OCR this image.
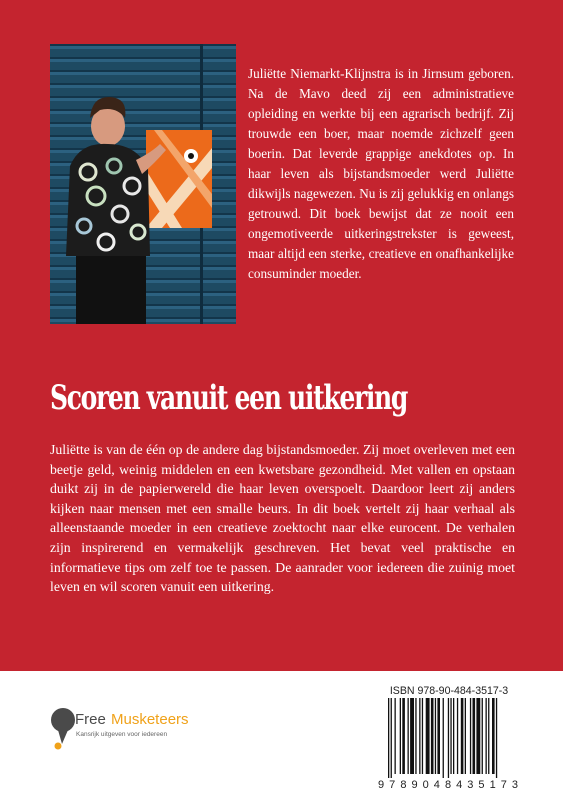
Juliëtte Niemarkt-Klijnstra is in Jirnsum geboren. Na de Mavo deed zij een administratieve opleiding en werkte bij een agrarisch bedrijf. Zij trouwde een boer, maar noemde zichzelf geen boerin. Dat leverde grappige anekdotes op. In haar leven als bijstandsmoeder werd Juliëtte dikwijls nagewezen. Nu is zij gelukkig en onlangs getrouwd. Dit boek bewijst dat ze nooit een ongemotiveerde uitkeringstrekster is geweest, maar altijd een sterke, creatieve en onafhankelijke consuminder moeder.

Scoren vanuit een uitkering

Juliëtte is van de één op de andere dag bijstandsmoeder. Zij moet overleven met een beetje geld, weinig middelen en een kwetsbare gezondheid. Met vallen en opstaan duikt zij in de papierwereld die haar leven overspoelt. Daardoor leert zij anders kijken naar mensen met een smalle beurs. In dit boek vertelt zij haar verhaal als alleenstaande moeder in een creatieve zoektocht naar elke eurocent. De verhalen zijn inspirerend en vermakelijk geschreven. Het bevat veel praktische en informatieve tips om zelf toe te passen. De aanrader voor iedereen die zuinig moet leven en wil scoren vanuit een uitkering.

Free Musketeers
Kansrijk uitgeven voor iedereen
ISBN 978-90-484-3517-3
9 7 8 9 0 4 8 4 3 5 1 7 3
